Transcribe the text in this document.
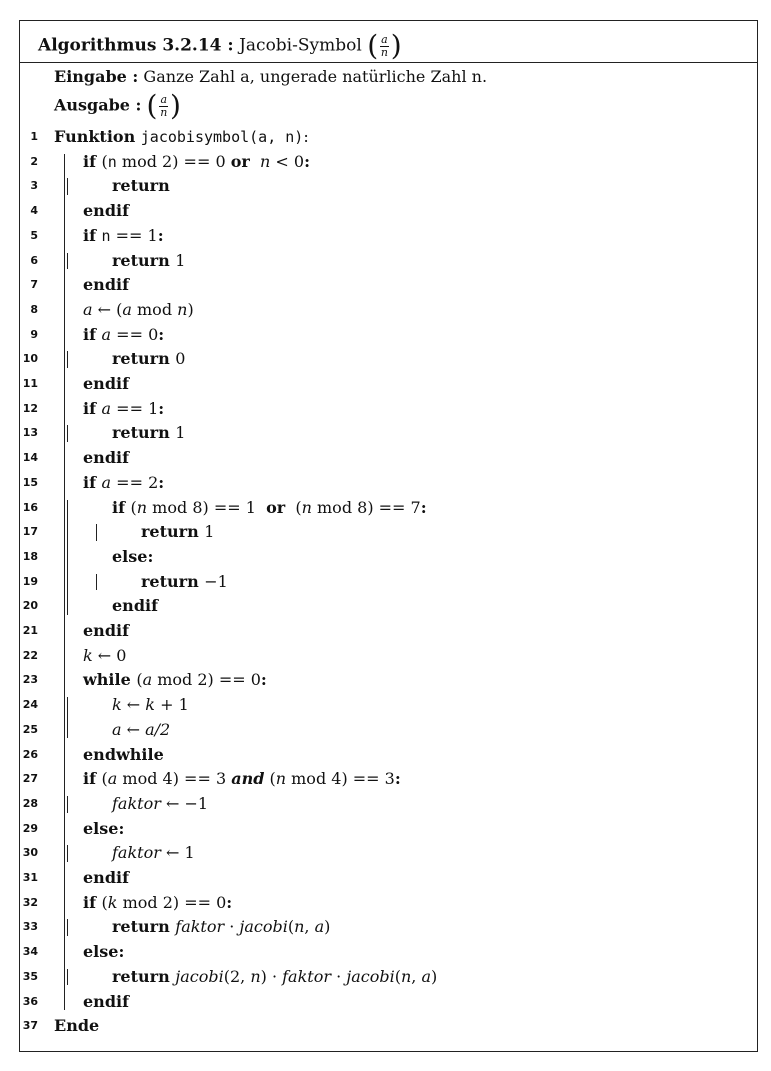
Algorithmus 3.2.14 : Jacobi-Symbol ( $\frac{a}{n}$ )
Eingabe : Ganze Zahl a, ungerade natürliche Zahl n.
Ausgabe : ( $\frac{a}{n}$ )
1 Funktion jacobisymbol(a, n):
2	if (n mod 2) == 0 or n < 0:
3	return
4	endif
5	if n == 1:
6	return 1
7	endif
8	a ← (a mod n)
9	if a == 0:
10	return 0
11	endif
12	if a == 1:
13	return 1
14	endif
15	if a == 2:
16	if (n mod 8) == 1  or  (n mod 8) == 7:
17	return 1
18	else:
19	return −1
20	endif
21	endif
22	k ← 0
23	while (a mod 2) == 0:
24	k ← k + 1
25	a ← a/2
26	endwhile
27	if (a mod 4) == 3 and (n mod 4) == 3:
28	faktor ← −1
29	else:
30	faktor ← 1
31	endif
32	if (k mod 2) == 0:
33	return faktor · jacobi(n, a)
34	else:
35	return jacobi(2, n) · faktor · jacobi(n, a)
36	endif
37 Ende
